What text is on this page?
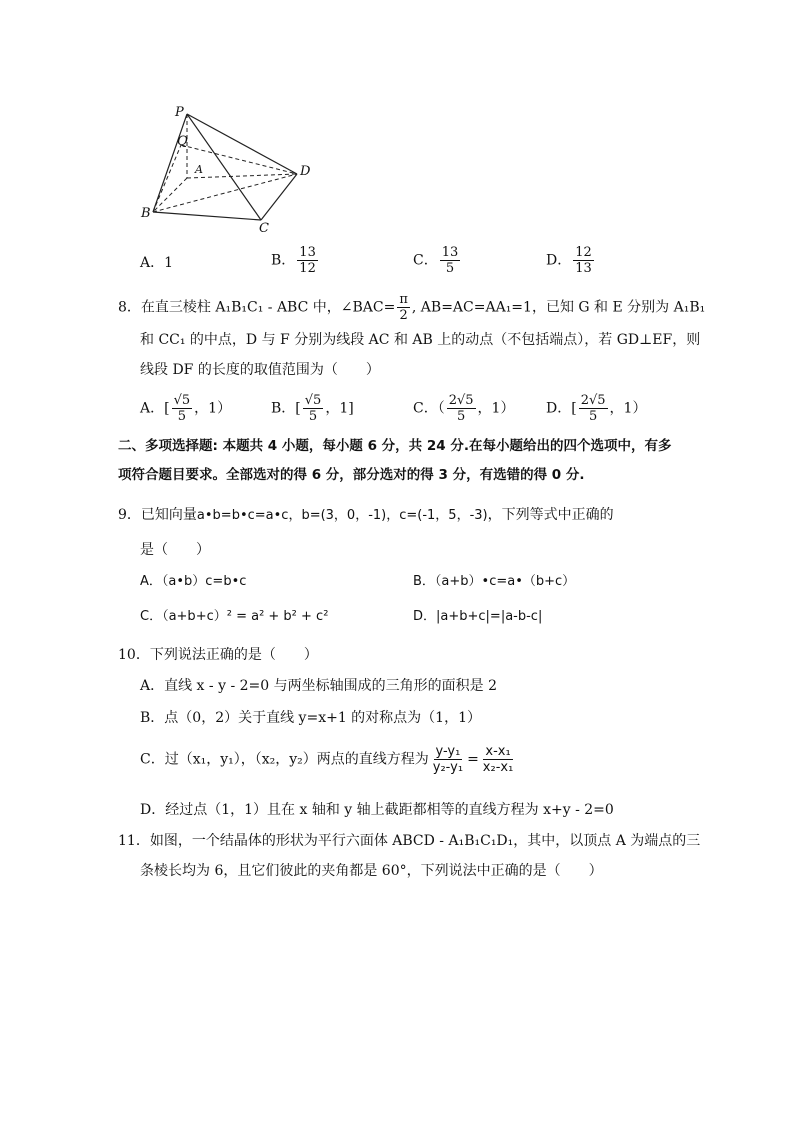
P
Q
A
B
C
D
A．1	B． $\frac{13}{12}$	C． $\frac{13}{5}$	D． $\frac{12}{13}$
8．在直三棱柱 A₁B₁C₁ - ABC 中，∠BAC= $\frac{\pi}{2}$ , AB=AC=AA₁=1，已知 G 和 E 分别为 A₁B₁
和 CC₁ 的中点，D 与 F 分别为线段 AC 和 AB 上的动点（不包括端点），若 GD⊥EF，则
线段 DF 的长度的取值范围为（　　）
A．[ $\frac{√5}{5}$ ，1）	B．[ $\frac{√5}{5}$ ，1]	C．（ $\frac{2√5}{5}$ ，1） D．[ $\frac{2√5}{5}$ ，1）
二、多项选择题: 本题共 4 小题，每小题 6 分，共 24 分.在每小题给出的四个选项中，有多
项符合题目要求。全部选对的得 6 分，部分选对的得 3 分，有选错的得 0 分.
9．已知向量a•b=b•c=a•c，b=(3，0，-1)，c=(-1，5，-3)，下列等式中正确的
是（　　）
A．（a•b）c=b•c	B．（a+b）•c=a•（b+c）
C．（a+b+c）² = a² + b² + c²	D．|a+b+c|=|a-b-c|
10．下列说法正确的是（　　）
A．直线 x - y - 2=0 与两坐标轴围成的三角形的面积是 2
B．点（0，2）关于直线 y=x+1 的对称点为（1，1）
C．过（x₁，y₁），（x₂，y₂）两点的直线方程为 $\frac{\text{y-y₁}}{\text{y₂-y₁}} = \frac{\text{x-x₁}}{\text{x₂-x₁}}$
D．经过点（1，1）且在 x 轴和 y 轴上截距都相等的直线方程为 x+y - 2=0
11．如图，一个结晶体的形状为平行六面体 ABCD - A₁B₁C₁D₁，其中，以顶点 A 为端点的三
条棱长均为 6，且它们彼此的夹角都是 60°，下列说法中正确的是（　　）
